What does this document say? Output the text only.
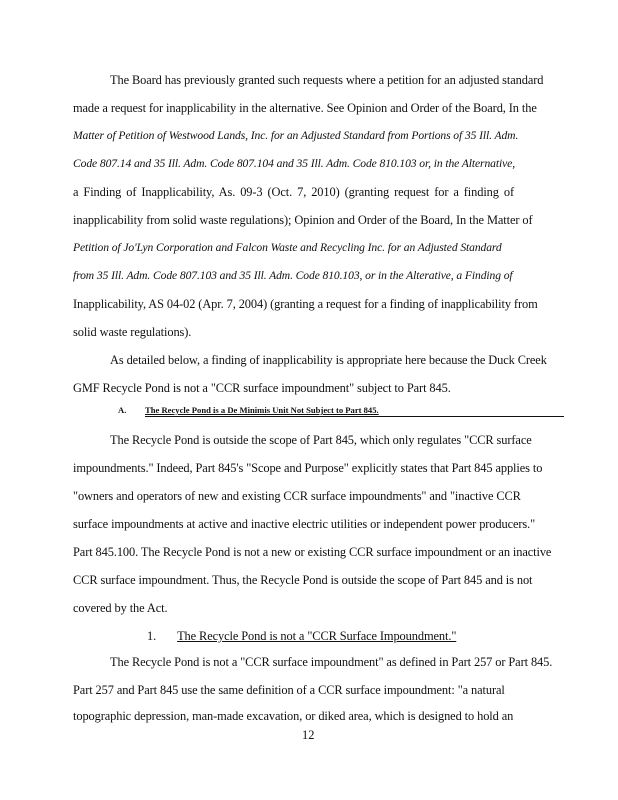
The Board has previously granted such requests where a petition for an adjusted standard
made a request for inapplicability in the alternative. See Opinion and Order of the Board, In the
Matter of Petition of Westwood Lands, Inc. for an Adjusted Standard from Portions of 35 Ill. Adm.
Code 807.14 and 35 Ill. Adm. Code 807.104 and 35 Ill. Adm. Code 810.103 or, in the Alternative,
a Finding of Inapplicability, As. 09-3 (Oct. 7, 2010) (granting request for a finding of
inapplicability from solid waste regulations); Opinion and Order of the Board, In the Matter of
Petition of Jo'Lyn Corporation and Falcon Waste and Recycling Inc. for an Adjusted Standard
from 35 Ill. Adm. Code 807.103 and 35 Ill. Adm. Code 810.103, or in the Alterative, a Finding of
Inapplicability, AS 04-02 (Apr. 7, 2004) (granting a request for a finding of inapplicability from
solid waste regulations).
As detailed below, a finding of inapplicability is appropriate here because the Duck Creek
GMF Recycle Pond is not a "CCR surface impoundment" subject to Part 845.
A. The Recycle Pond is a De Minimis Unit Not Subject to Part 845.
The Recycle Pond is outside the scope of Part 845, which only regulates "CCR surface
impoundments." Indeed, Part 845's "Scope and Purpose" explicitly states that Part 845 applies to
"owners and operators of new and existing CCR surface impoundments" and "inactive CCR
surface impoundments at active and inactive electric utilities or independent power producers."
Part 845.100. The Recycle Pond is not a new or existing CCR surface impoundment or an inactive
CCR surface impoundment. Thus, the Recycle Pond is outside the scope of Part 845 and is not
covered by the Act.
1. The Recycle Pond is not a "CCR Surface Impoundment."
The Recycle Pond is not a "CCR surface impoundment" as defined in Part 257 or Part 845.
Part 257 and Part 845 use the same definition of a CCR surface impoundment: "a natural
topographic depression, man-made excavation, or diked area, which is designed to hold an
12
